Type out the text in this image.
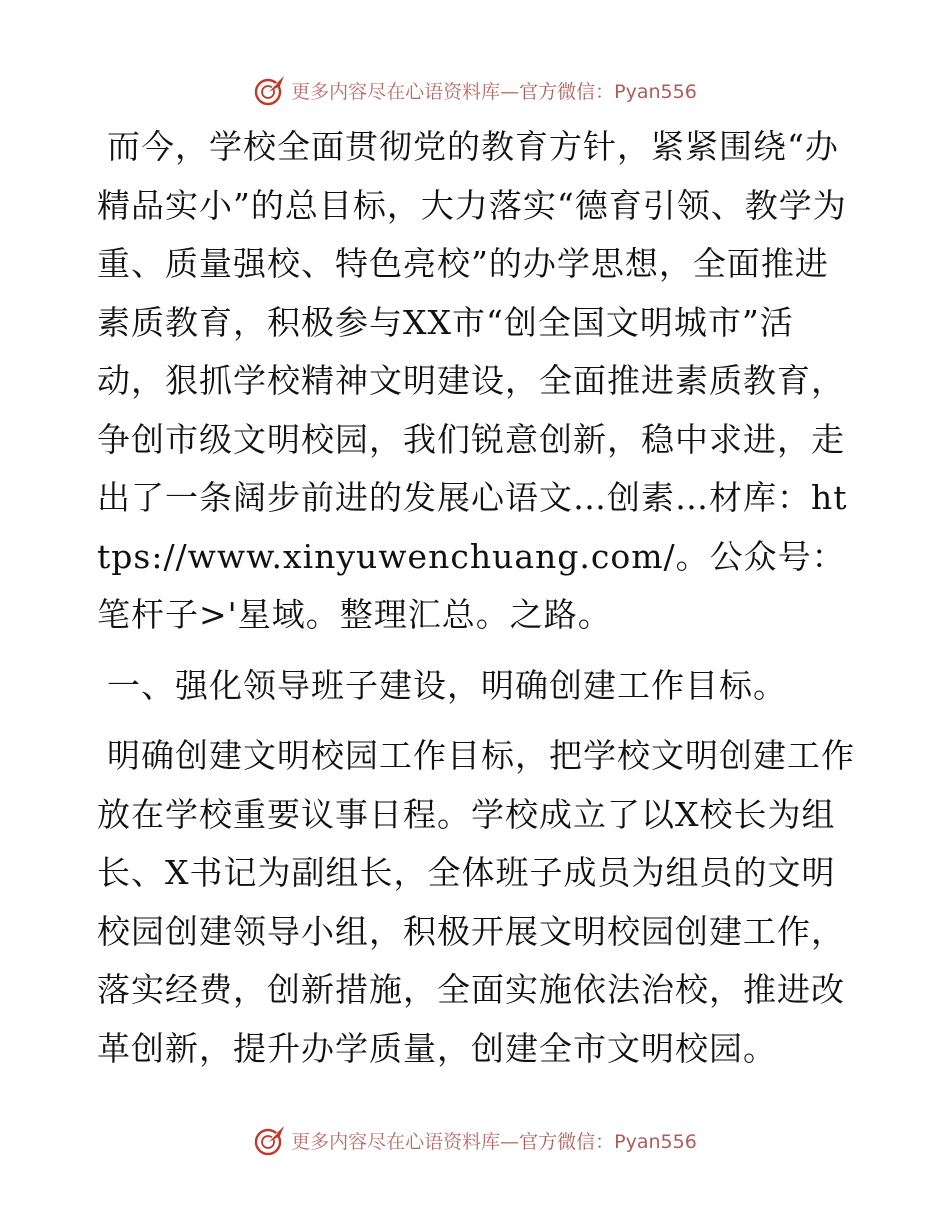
更多内容尽在心语资料库—官方微信：Pyan556

而今，学校全面贯彻党的教育方针，紧紧围绕“办精品实小”的总目标，大力落实“德育引领、教学为重、质量强校、特色亮校”的办学思想，全面推进素质教育，积极参与XX市“创全国文明城市”活动，狠抓学校精神文明建设，全面推进素质教育，争创市级文明校园，我们锐意创新，稳中求进，走出了一条阔步前进的发展心语文…创素…材库：https://www.xinyuwenchuang.com/。公众号：笔杆子>'星域。整理汇总。之路。

一、强化领导班子建设，明确创建工作目标。

明确创建文明校园工作目标，把学校文明创建工作放在学校重要议事日程。学校成立了以X校长为组长、X书记为副组长，全体班子成员为组员的文明校园创建领导小组，积极开展文明校园创建工作，落实经费，创新措施，全面实施依法治校，推进改革创新，提升办学质量，创建全市文明校园。

更多内容尽在心语资料库—官方微信：Pyan556
